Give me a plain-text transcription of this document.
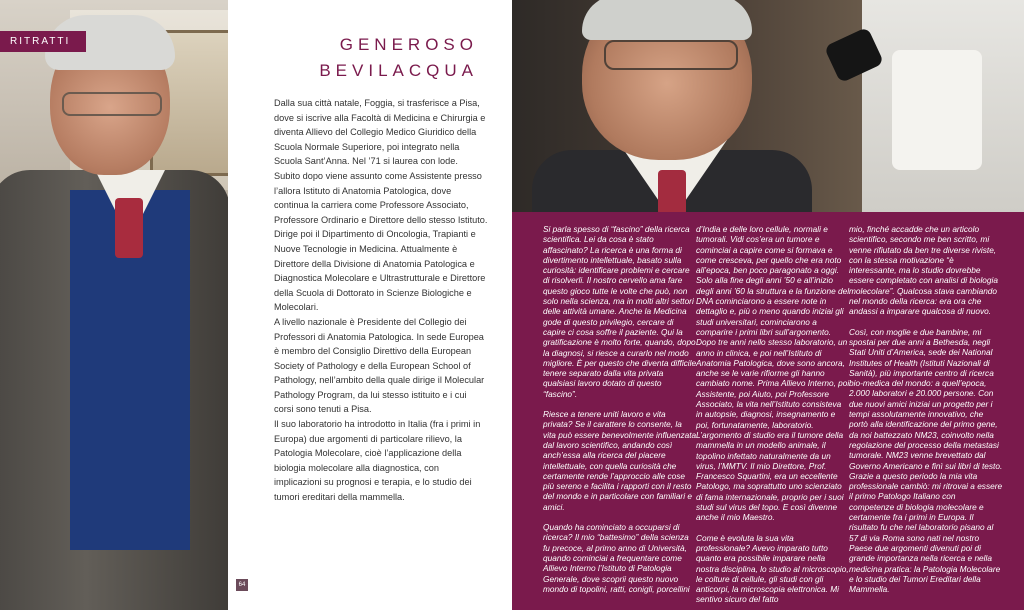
RITRATTI	GENEROSO
BEVILACQUA

Dalla sua città natale, Foggia, si trasferisce a Pisa, dove si iscrive alla Facoltà di Medicina e Chirurgia e diventa Allievo del Collegio Medico Giuridico della Scuola Normale Superiore, poi integrato nella Scuola Sant’Anna. Nel ’71 si laurea con lode.

Subito dopo viene assunto come Assistente presso l’allora Istituto di Anatomia Patologica, dove continua la carriera come Professore Associato, Professore Ordinario e Direttore dello stesso Istituto. Dirige poi il Dipartimento di Oncologia, Trapianti e Nuove Tecnologie in Medicina. Attualmente è Direttore della Divisione di Anatomia Patologica e Diagnostica Molecolare e Ultrastrutturale e Direttore della Scuola di Dottorato in Scienze Biologiche e Molecolari.

A livello nazionale è Presidente del Collegio dei Professori di Anatomia Patologica. In sede Europea è membro del Consiglio Direttivo della European Society of Pathology e della European School of Pathology, nell’ambito della quale dirige il Molecular Pathology Program, da lui stesso istituito e i cui corsi sono tenuti a Pisa.

Il suo laboratorio ha introdotto in Italia (fra i primi in Europa) due argomenti di particolare rilievo, la Patologia Molecolare, cioè l’applicazione della biologia molecolare alla diagnostica, con implicazioni su prognosi e terapia, e lo studio dei tumori ereditari della mammella.

64

Si parla spesso di “fascino” della ricerca scientifica. Lei da cosa è stato affascinato? La ricerca è una forma di divertimento intellettuale, basato sulla curiosità: identificare problemi e cercare di risolverli. Il nostro cervello ama fare questo gioco tutte le volte che può, non solo nella scienza, ma in molti altri settori delle attività umane. Anche la Medicina gode di questo privilegio, cercare di capire ci cosa soffre il paziente. Qui la gratificazione è molto forte, quando, dopo la diagnosi, si riesce a curarlo nel modo migliore. È per questo che diventa difficile tenere separato dalla vita privata qualsiasi lavoro dotato di questo “fascino”.

Riesce a tenere uniti lavoro e vita privata? Se il carattere lo consente, la vita può essere benevolmente influenzata dal lavoro scientifico, andando così anch’essa alla ricerca del piacere intellettuale, con quella curiosità che certamente rende l’approccio alle cose più sereno e facilita i rapporti con il resto del mondo e in particolare con familiari e amici.

Quando ha cominciato a occuparsi di ricerca? Il mio “battesimo” della scienza fu precoce, al primo anno di Università, quando cominciai a frequentare come Allievo Interno l’Istituto di Patologia Generale, dove scoprii questo nuovo mondo di topolini, ratti, conigli, porcellini

d’India e delle loro cellule, normali e tumorali. Vidi cos’era un tumore e cominciai a capire come si formava e come cresceva, per quello che era noto all’epoca, ben poco paragonato a oggi. Solo alla fine degli anni ’50 e all’inizio degli anni ’60 la struttura e la funzione del DNA cominciarono a essere note in dettaglio e, più o meno quando iniziai gli studi universitari, cominciarono a comparire i primi libri sull’argomento. Dopo tre anni nello stesso laboratorio, un anno in clinica, e poi nell’Istituto di Anatomia Patologica, dove sono ancora, anche se le varie rifiorme gli hanno cambiato nome. Prima Allievo Interno, poi Assistente, poi Aiuto, poi Professore Associato, la vita nell’Istituto consisteva in autopsie, diagnosi, insegnamento e poi, fortunatamente, laboratorio. L’argomento di studio era il tumore della mammella in un modello animale, il topolino infettato naturalmente da un virus, l’MMTV. Il mio Direttore, Prof. Francesco Squartini, era un eccellente Patologo, ma soprattutto uno scienziato di fama internazionale, proprio per i suoi studi sul virus del topo. E così divenne anche il mio Maestro.

Come è evoluta la sua vita professionale? Avevo imparato tutto quanto era possibile imparare nella nostra disciplina, lo studio al microscopio, le colture di cellule, gli studi con gli anticorpi, la microscopia elettronica. Mi sentivo sicuro del fatto

mio, finché accadde che un articolo scientifico, secondo me ben scritto, mi venne rifiutato da ben tre diverse riviste, con la stessa motivazione “è interessante, ma lo studio dovrebbe essere completato con analisi di biologia molecolare”. Qualcosa stava cambiando nel mondo della ricerca: era ora che andassi a imparare qualcosa di nuovo.

Così, con moglie e due bambine, mi spostai per due anni a Bethesda, negli Stati Uniti d’America, sede dei National Institutes of Health (Istituti Nazionali di Sanità), più importante centro di ricerca bio-medica del mondo: a quell’epoca, 2.000 laboratori e 20.000 persone. Con due nuovi amici iniziai un progetto per i tempi assolutamente innovativo, che portò alla identificazione del primo gene, da noi battezzato NM23, coinvolto nella regolazione del processo della metastasi tumorale. NM23 venne brevettato dal Governo Americano e finì sui libri di testo. Grazie a questo periodo la mia vita professionale cambiò: mi ritrovai a essere il primo Patologo Italiano con competenze di biologia molecolare e certamente fra i primi in Europa. Il risultato fu che nel laboratorio pisano al 57 di via Roma sono nati nel nostro Paese due argomenti divenuti poi di grande importanza nella ricerca e nella medicina pratica: la Patologia Molecolare e lo studio dei Tumori Ereditari della Mammella.
